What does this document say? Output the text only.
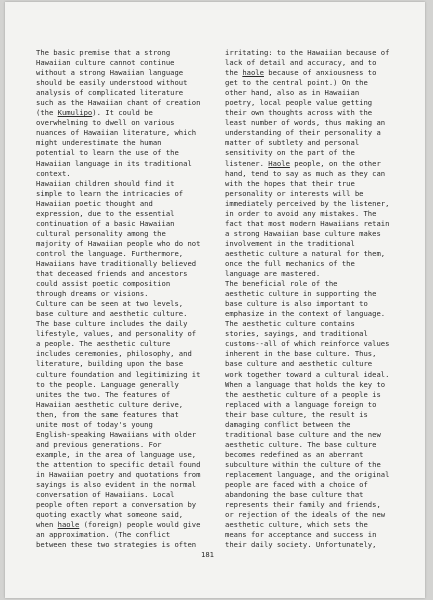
The basic premise that a strong
Hawaiian culture cannot continue
without a strong Hawaiian language
should be easily understood without
analysis of complicated literature
such as the Hawaiian chant of creation
(the Kumulipo). It could be
overwhelming to dwell on various
nuances of Hawaiian literature, which
might underestimate the human
potential to learn the use of the
Hawaiian language in its traditional
context.
Hawaiian children should find it
simple to learn the intricacies of
Hawaiian poetic thought and
expression, due to the essential
continuation of a basic Hawaiian
cultural personality among the
majority of Hawaiian people who do not
control the language. Furthermore,
Hawaiians have traditionally believed
that deceased friends and ancestors
could assist poetic composition
through dreams or visions.
Culture can be seen at two levels,
base culture and aesthetic culture.
The base culture includes the daily
lifestyle, values, and personality of
a people. The aesthetic culture
includes ceremonies, philosophy, and
literature, building upon the base
culture foundation and legitimizing it
to the people. Language generally
unites the two. The features of
Hawaiian aesthetic culture derive,
then, from the same features that
unite most of today's young
English-speaking Hawaiians with older
and previous generations. For
example, in the area of language use,
the attention to specific detail found
in Hawaiian poetry and quotations from
sayings is also evident in the normal
conversation of Hawaiians. Local
people often report a conversation by
quoting exactly what someone said,
when haole (foreign) people would give
an approximation. (The conflict
between these two strategies is often
irritating: to the Hawaiian because of
lack of detail and accuracy, and to
the haole because of anxiousness to
get to the central point.) On the
other hand, also as in Hawaiian
poetry, local people value getting
their own thoughts across with the
least number of words, thus making an
understanding of their personality a
matter of subtlety and personal
sensitivity on the part of the
listener. Haole people, on the other
hand, tend to say as much as they can
with the hopes that their true
personality or interests will be
immediately perceived by the listener,
in order to avoid any mistakes. The
fact that most modern Hawaiians retain
a strong Hawaiian base culture makes
involvement in the traditional
aesthetic culture a natural for them,
once the full mechanics of the
language are mastered.
The beneficial role of the
aesthetic culture in supporting the
base culture is also important to
emphasize in the context of language.
The aesthetic culture contains
stories, sayings, and traditional
customs--all of which reinforce values
inherent in the base culture. Thus,
base culture and aesthetic culture
work together toward a cultural ideal.
When a language that holds the key to
the aesthetic culture of a people is
replaced with a language foreign to
their base culture, the result is
damaging conflict between the
traditional base culture and the new
aesthetic culture. The base culture
becomes redefined as an aberrant
subculture within the culture of the
replacement language, and the original
people are faced with a choice of
abandoning the base culture that
represents their family and friends,
or rejection of the ideals of the new
aesthetic culture, which sets the
means for acceptance and success in
their daily society. Unfortunately,
181
